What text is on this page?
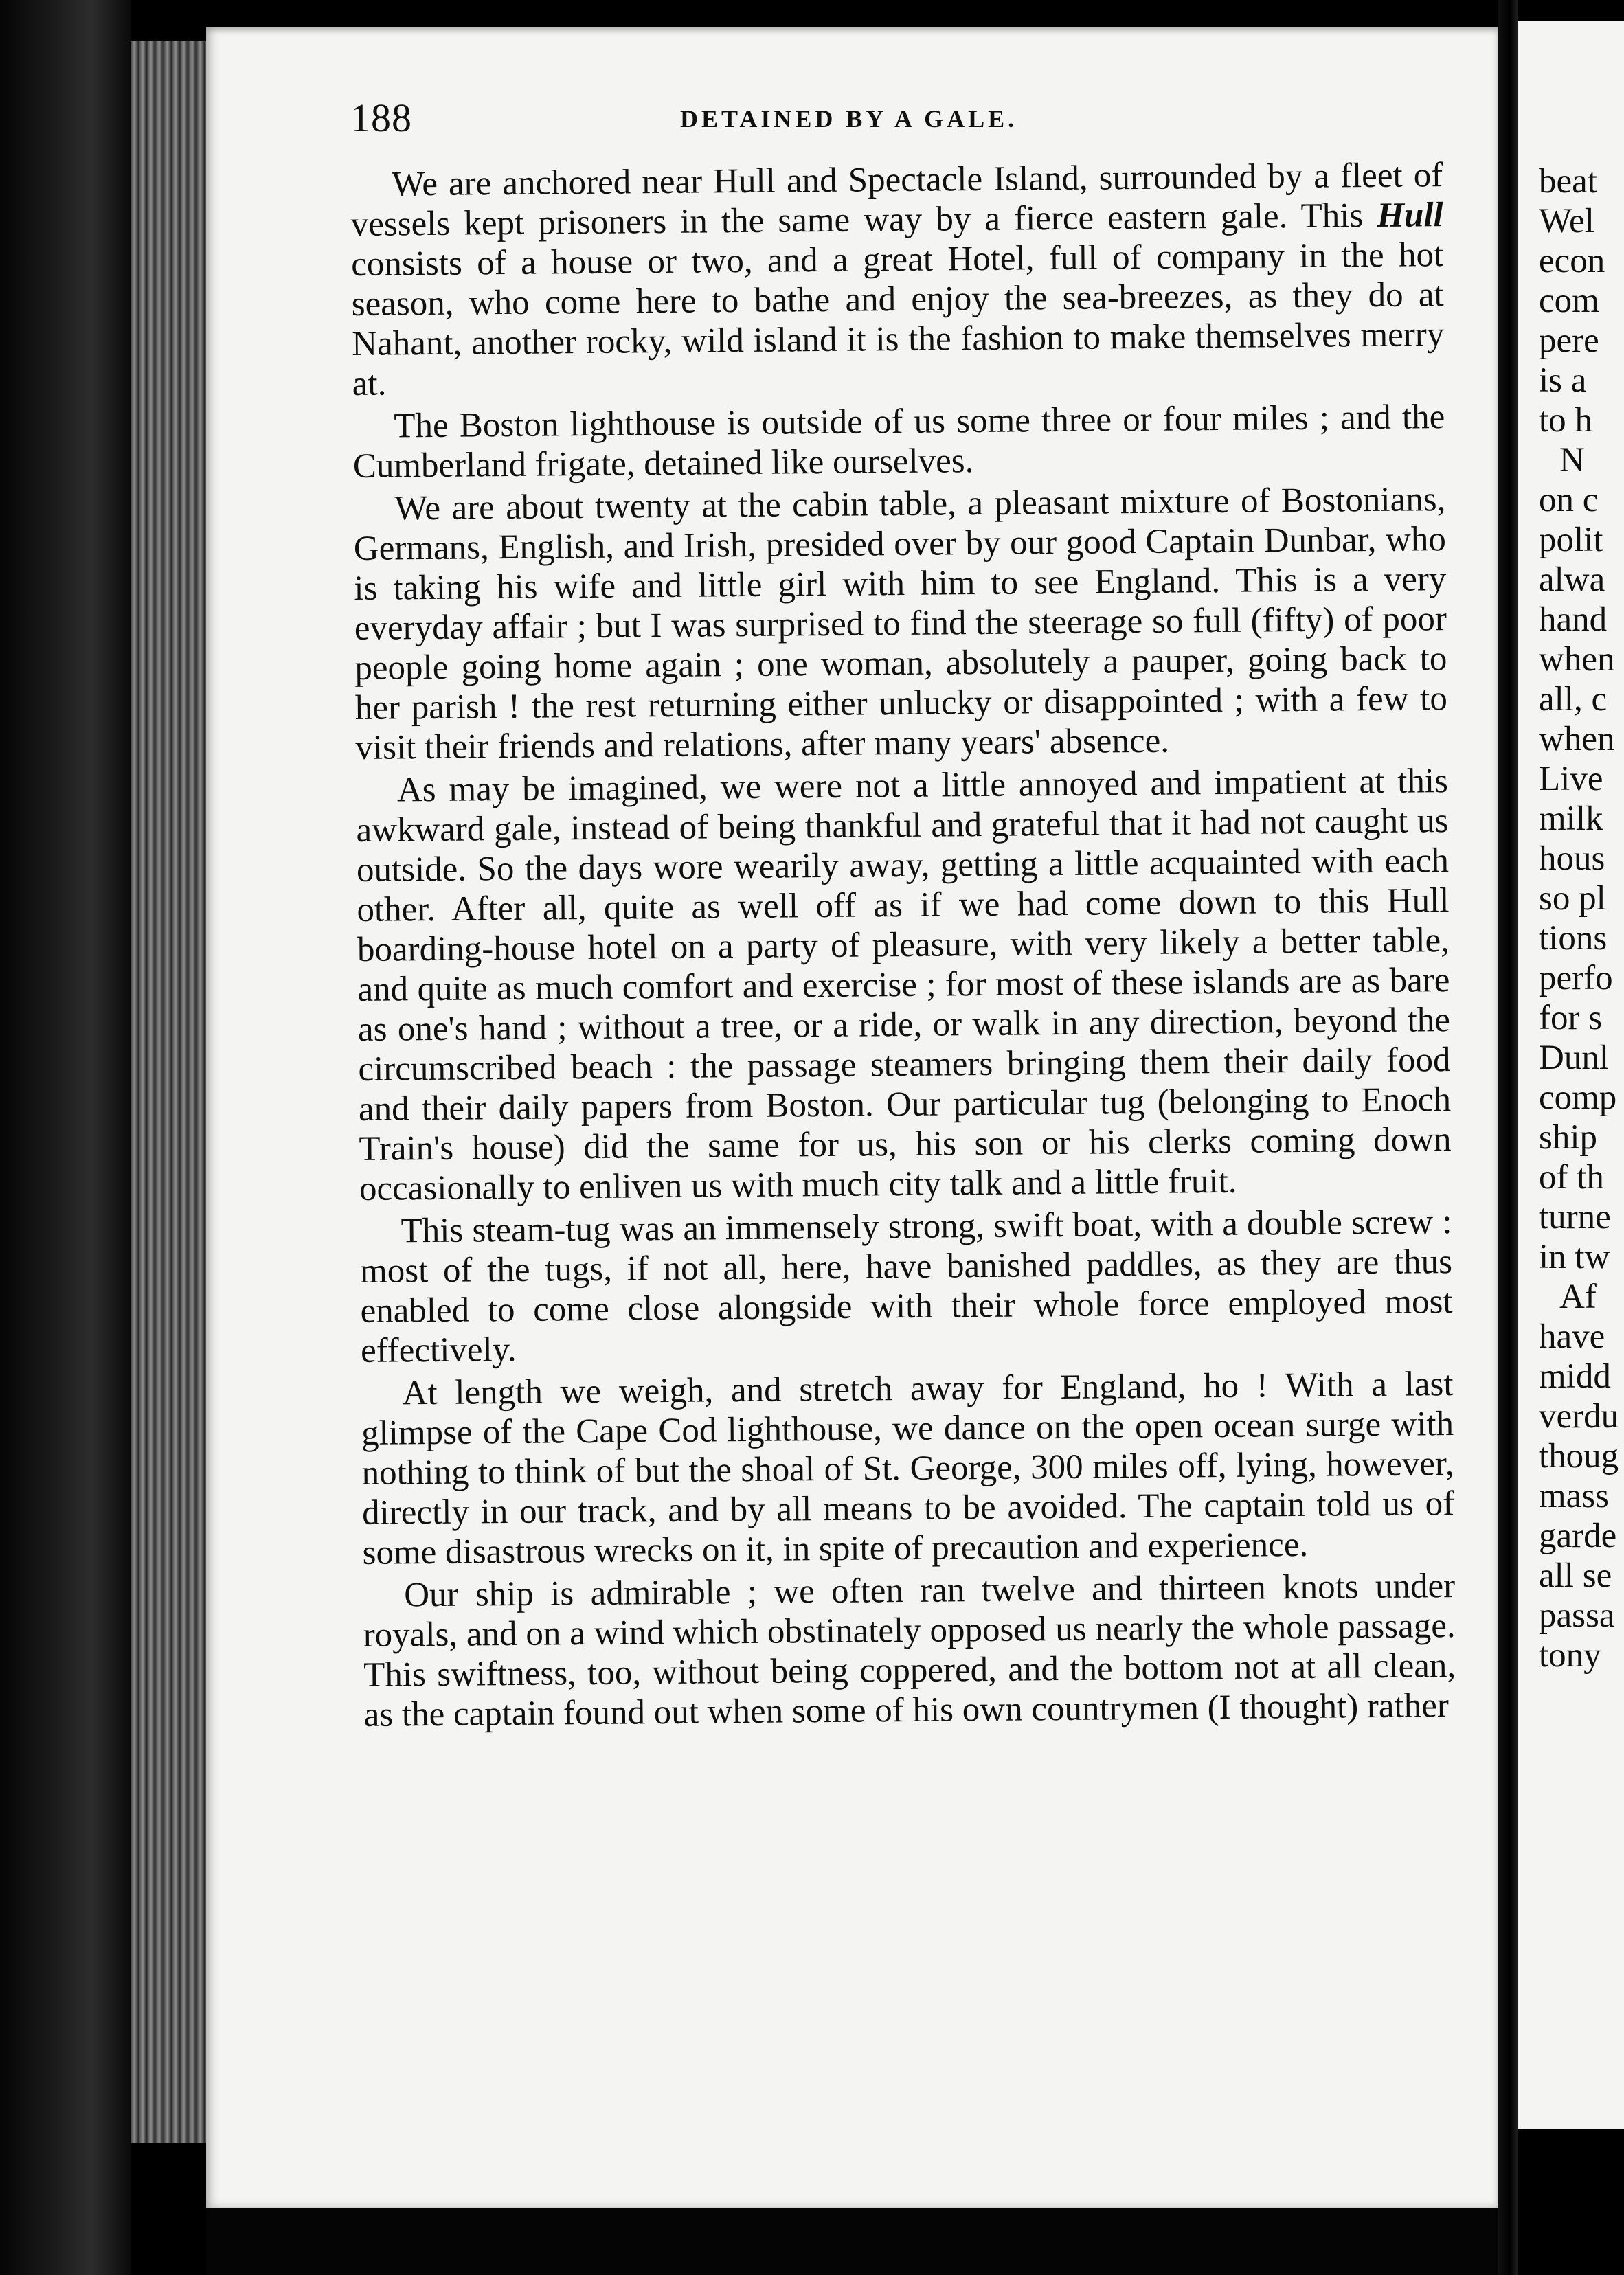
188	DETAINED BY A GALE.

We are anchored near Hull and Spectacle Island, surrounded by a fleet of vessels kept prisoners in the same way by a fierce eastern gale. This Hull consists of a house or two, and a great Hotel, full of company in the hot season, who come here to bathe and enjoy the sea-breezes, as they do at Nahant, another rocky, wild island it is the fashion to make themselves merry at.

The Boston lighthouse is outside of us some three or four miles ; and the Cumberland frigate, detained like ourselves.

We are about twenty at the cabin table, a pleasant mixture of Bostonians, Germans, English, and Irish, presided over by our good Captain Dunbar, who is taking his wife and little girl with him to see England. This is a very everyday affair ; but I was surprised to find the steerage so full (fifty) of poor people going home again ; one woman, absolutely a pauper, going back to her parish ! the rest returning either unlucky or disappointed ; with a few to visit their friends and relations, after many years' absence.

As may be imagined, we were not a little annoyed and impatient at this awkward gale, instead of being thankful and grateful that it had not caught us outside. So the days wore wearily away, getting a little acquainted with each other. After all, quite as well off as if we had come down to this Hull boarding-house hotel on a party of pleasure, with very likely a better table, and quite as much comfort and exercise ; for most of these islands are as bare as one's hand ; without a tree, or a ride, or walk in any direction, beyond the circumscribed beach : the passage steamers bringing them their daily food and their daily papers from Boston. Our particular tug (belonging to Enoch Train's house) did the same for us, his son or his clerks coming down occasionally to enliven us with much city talk and a little fruit.

This steam-tug was an immensely strong, swift boat, with a double screw : most of the tugs, if not all, here, have banished paddles, as they are thus enabled to come close alongside with their whole force employed most effectively.

At length we weigh, and stretch away for England, ho ! With a last glimpse of the Cape Cod lighthouse, we dance on the open ocean surge with nothing to think of but the shoal of St. George, 300 miles off, lying, however, directly in our track, and by all means to be avoided. The captain told us of some disastrous wrecks on it, in spite of precaution and experience.

Our ship is admirable ; we often ran twelve and thirteen knots under royals, and on a wind which obstinately opposed us nearly the whole passage. This swiftness, too, without being coppered, and the bottom not at all clean, as the captain found out when some of his own countrymen (I thought) rather

beat
Wel
econ
com
pere
is a
to h
N
on c
polit
alwa
hand
when
all, c
when
Live
milk
hous
so pl
tions
perfo
for s
Dunl
comp
ship
of th
turne
in tw
Af
have
midd
verdu
thoug
mass
garde
all se
passa
tony
